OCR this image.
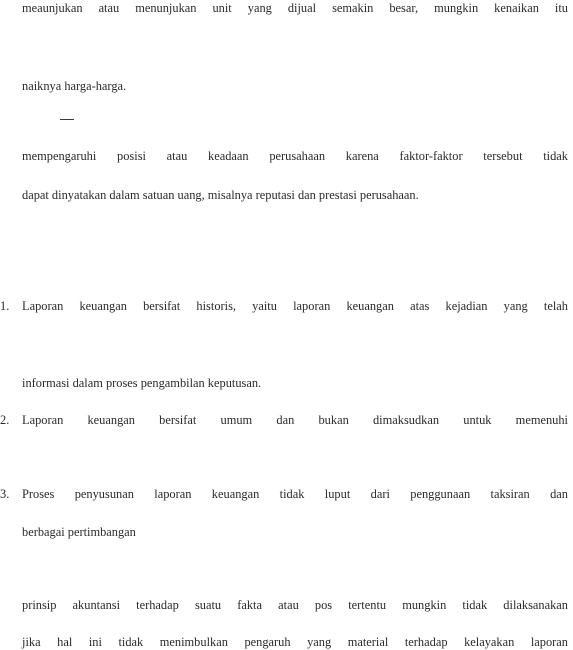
meaunjukan atau menunjukan unit yang dijual semakin besar, mungkin kenaikan itu
naiknya harga-harga.
mempengaruhi posisi atau keadaan perusahaan karena faktor-faktor tersebut tidak
dapat dinyatakan dalam satuan uang, misalnya reputasi dan prestasi perusahaan.
1. Laporan keuangan bersifat historis, yaitu laporan keuangan atas kejadian yang telah
informasi dalam proses pengambilan keputusan.
2. Laporan keuangan bersifat umum dan bukan dimaksudkan untuk memenuhi
3. Proses penyusunan laporan keuangan tidak luput dari penggunaan taksiran dan
berbagai pertimbangan
prinsip akuntansi terhadap suatu fakta atau pos tertentu mungkin tidak dilaksanakan
jika hal ini tidak menimbulkan pengaruh yang material terhadap kelayakan laporan
